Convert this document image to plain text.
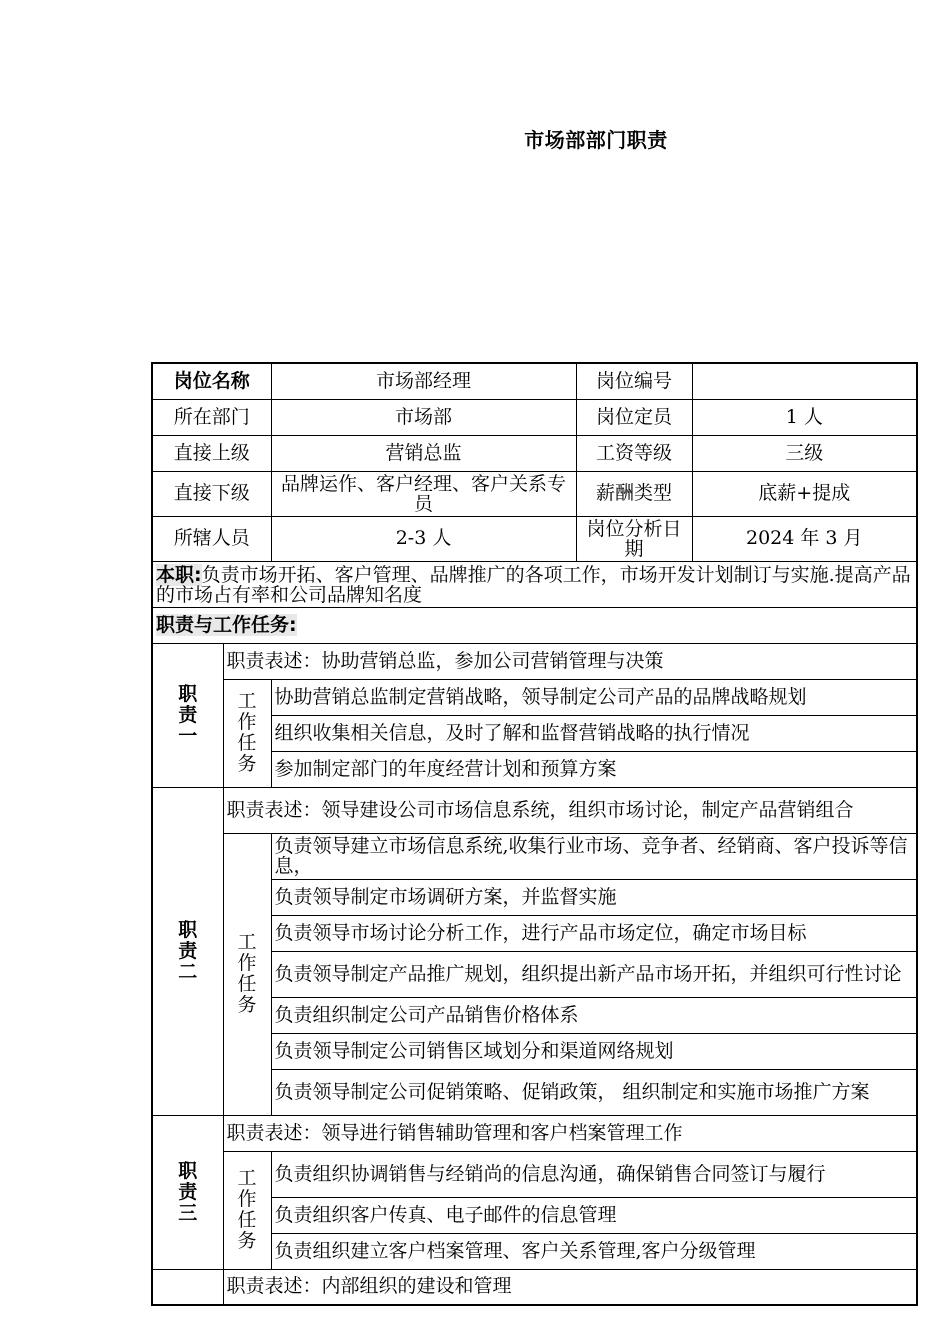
市场部部门职责
岗位名称		市场部经理	岗位编号	
所在部门		市场部	岗位定员	1 人
直接上级		营销总监	工资等级	三级
直接下级		品牌运作、客户经理、客户关系专员	薪酬类型	底薪+提成
所辖人员		2-3 人	岗位分析日期	2024 年 3 月
本职:负责市场开拓、客户管理、品牌推广的各项工作，市场开发计划制订与实施.提高产品的市场占有率和公司品牌知名度				
职责与工作任务:				

职责一	职责表述：协助营销总监，参加公司营销管理与决策			

	工作任务	协助营销总监制定营销战略，领导制定公司产品的品牌战略规划		
		组织收集相关信息，及时了解和监督营销战略的执行情况		
		参加制定部门的年度经营计划和预算方案		

职责二	职责表述：领导建设公司市场信息系统，组织市场讨论，制定产品营销组合			

	工作任务	负责领导建立市场信息系统,收集行业市场、竞争者、经销商、客户投诉等信息，		
		负责领导制定市场调研方案，并监督实施		
		负责领导市场讨论分析工作，进行产品市场定位，确定市场目标		
		负责领导制定产品推广规划，组织提出新产品市场开拓，并组织可行性讨论		
		负责组织制定公司产品销售价格体系		
		负责领导制定公司销售区域划分和渠道网络规划		
		负责领导制定公司促销策略、促销政策， 组织制定和实施市场推广方案		

职责三	职责表述：领导进行销售辅助管理和客户档案管理工作			

	工作任务	负责组织协调销售与经销尚的信息沟通，确保销售合同签订与履行		
		负责组织客户传真、电子邮件的信息管理		
		负责组织建立客户档案管理、客户关系管理,客户分级管理		
	职责表述：内部组织的建设和管理			
